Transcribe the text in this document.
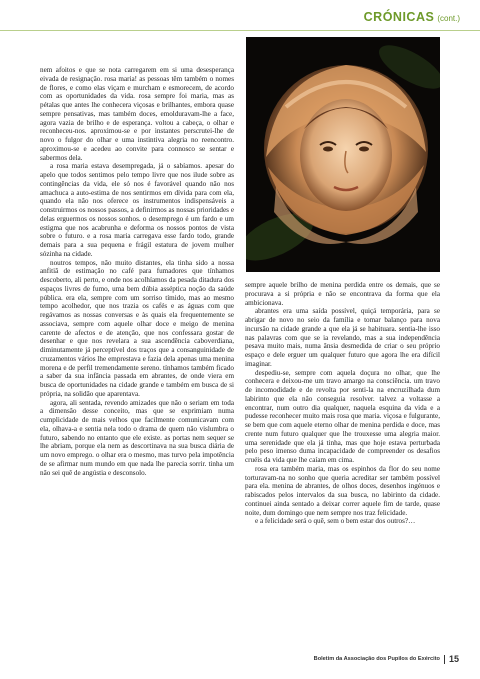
CRÓNICAS (cont.)

nem afoitos e que se nota carregarem em si uma desesperança eivada de resignação. rosa maria! as pessoas têm também o nomes de flores, e como elas viçam e murcham e esmorecem, de acordo com as oportunidades da vida. rosa sempre foi maria, mas as pétalas que antes lhe conhecera viçosas e brilhantes, embora quase sempre pensativas, mas também doces, emolduravam-lhe a face, agora vazia de brilho e de esperança. voltou a cabeça, o olhar e reconheceu-nos. aproximou-se e por instantes perscrutei-lhe de novo o fulgor do olhar e uma instintiva alegria no reencontro. aproximou-se e acedeu ao convite para connosco se sentar e sabermos dela.

a rosa maria estava desempregada, já o sabíamos. apesar do apelo que todos sentimos pelo tempo livre que nos ilude sobre as contingências da vida, ele só nos é favorável quando não nos amachuca a auto-estima de nos sentirmos em dívida para com ela, quando ela não nos oferece os instrumentos indispensáveis a construirmos os nossos passos, a definirmos as nossas prioridades e delas erguermos os nossos sonhos. o desemprego é um fardo e um estigma que nos acabrunha e deforma os nossos pontos de vista sobre o futuro. e a rosa maria carregava esse fardo todo, grande demais para a sua pequena e frágil estatura de jovem mulher sózinha na cidade.

noutros tempos, não muito distantes, ela tinha sido a nossa anfitiã de estimação no café para fumadores que tínhamos descoberto, ali perto, e onde nos acolhíamos da pesada ditadura dos espaços livres de fumo, uma bem dúbia asséptica noção da saúde pública. era ela, sempre com um sorriso tímido, mas ao mesmo tempo acolhedor, que nos trazia os cafés e as águas com que regávamos as nossas conversas e às quais ela frequentemente se associava, sempre com aquele olhar doce e meigo de menina carente de afectos e de atenção, que nos confessara gostar de desenhar e que nos revelara a sua ascendência caboverdiana, diminutamente já perceptível dos traços que a consanguinidade de cruzamentos vários lhe emprestava e fazia dela apenas uma menina morena e de perfil tremendamente sereno. tínhamos também ficado a saber da sua infância passada em abrantes, de onde viera em busca de oportunidades na cidade grande e também em busca de si própria, na solidão que aparentava.

agora, ali sentada, revendo amizades que não o seriam em toda a dimensão desse conceito, mas que se exprimiam numa cumplicidade de mais velhos que facilmente comunicavam com ela, olhava-a e sentia nela todo o drama de quem não vislumbra o futuro, sabendo no entanto que ele existe. as portas nem sequer se lhe abriam, porque ela nem as descortinava na sua busca diária de um novo emprego. o olhar era o mesmo, mas turvo pela impotência de se afirmar num mundo em que nada lhe parecia sorrir. tinha um não sei quê de angústia e desconsolo.

sempre aquele brilho de menina perdida entre os demais, que se procurava a si própria e não se encontrava da forma que ela ambicionava.

abrantes era uma saída possível, quiçá temporária, para se abrigar de novo no seio da família e tomar balanço para nova incursão na cidade grande a que ela já se habituara. sentia-lhe isso nas palavras com que se ia revelando, mas a sua independência pesava muito mais, numa ânsia desmedida de criar o seu próprio espaço e dele erguer um qualquer futuro que agora lhe era difícil imaginar.

despediu-se, sempre com aquela doçura no olhar, que lhe conhecera e deixou-me um travo amargo na consciência. um travo de incomodidade e de revolta por senti-la na encruzilhada dum labirinto que ela não conseguia resolver. talvez a voltasse a encontrar, num outro dia qualquer, naquela esquina da vida e a pudesse reconhecer muito mais rosa que maria. viçosa e fulgurante, se bem que com aquele eterno olhar de menina perdida e doce, mas crente num futuro qualquer que lhe trouxesse uma alegria maior. uma serenidade que ela já tinha, mas que hoje estava perturbada pelo peso imenso duma incapacidade de compreender os desafios cruéis da vida que lhe caíam em cima.

rosa era também maria, mas os espinhos da flor do seu nome torturavam-na no sonho que queria acreditar ser também possível para ela. menina de abrantes, de olhos doces, desenhos ingénuos e rabiscados pelos intervalos da sua busca, no labirinto da cidade. continuei ainda sentado a deixar correr aquele fim de tarde, quase noite, dum domingo que nem sempre nos traz felicidade.

e a felicidade será o quê, sem o bem estar dos outros?…

Boletim da Associação dos Pupilos do Exército 15
